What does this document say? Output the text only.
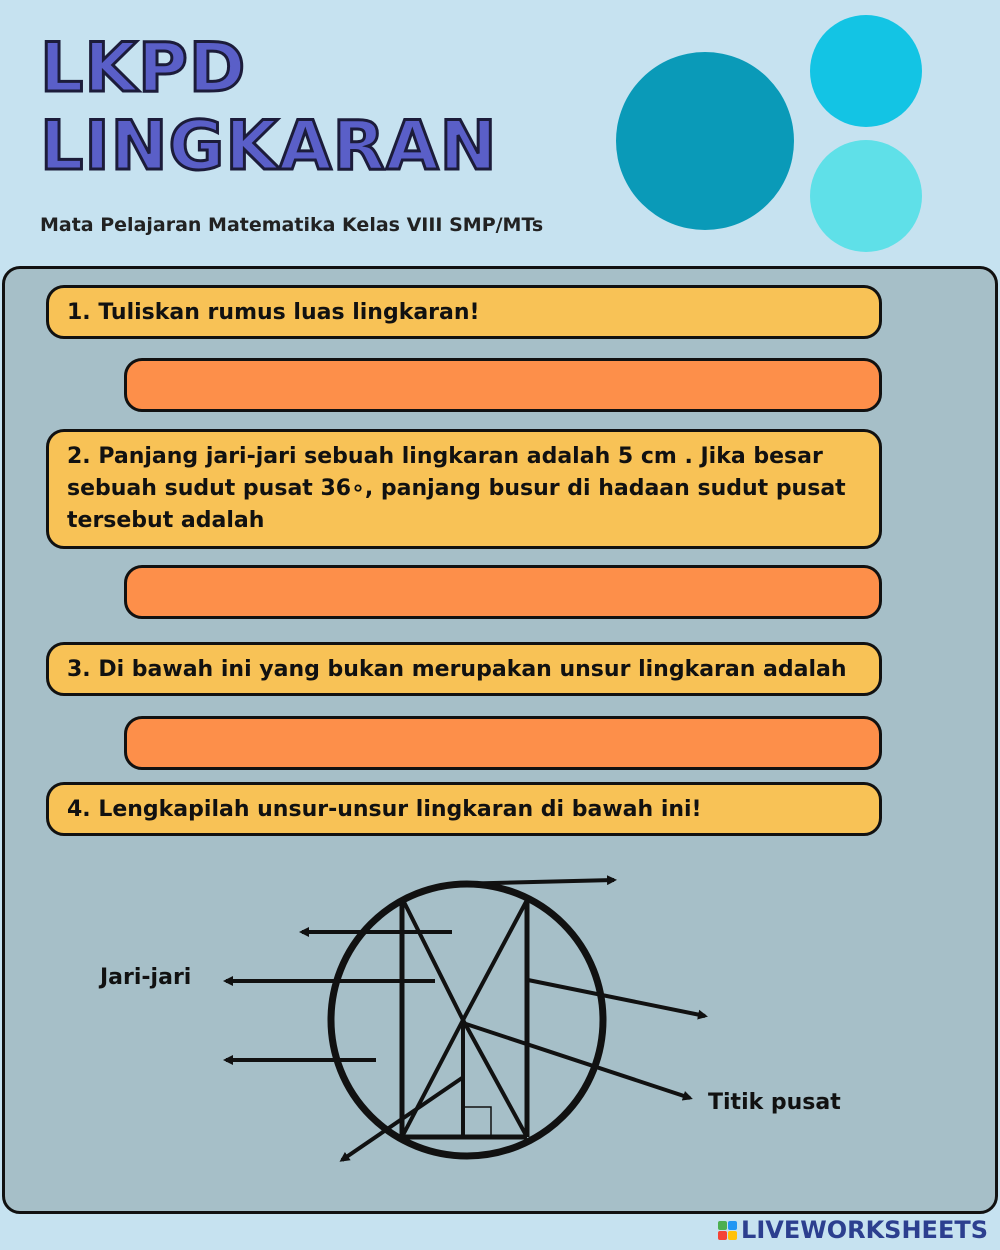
LKPD
LINGKARAN
Mata Pelajaran Matematika Kelas VIII SMP/MTs
1. Tuliskan rumus luas lingkaran!
2. Panjang jari-jari sebuah lingkaran adalah 5 cm . Jika besar sebuah sudut pusat 36∘, panjang busur di hadaan sudut pusat tersebut adalah
3. Di bawah ini yang bukan merupakan unsur lingkaran adalah
4. Lengkapilah unsur-unsur lingkaran di bawah ini!
Jari-jari
Titik pusat
LIVEWORKSHEETS
